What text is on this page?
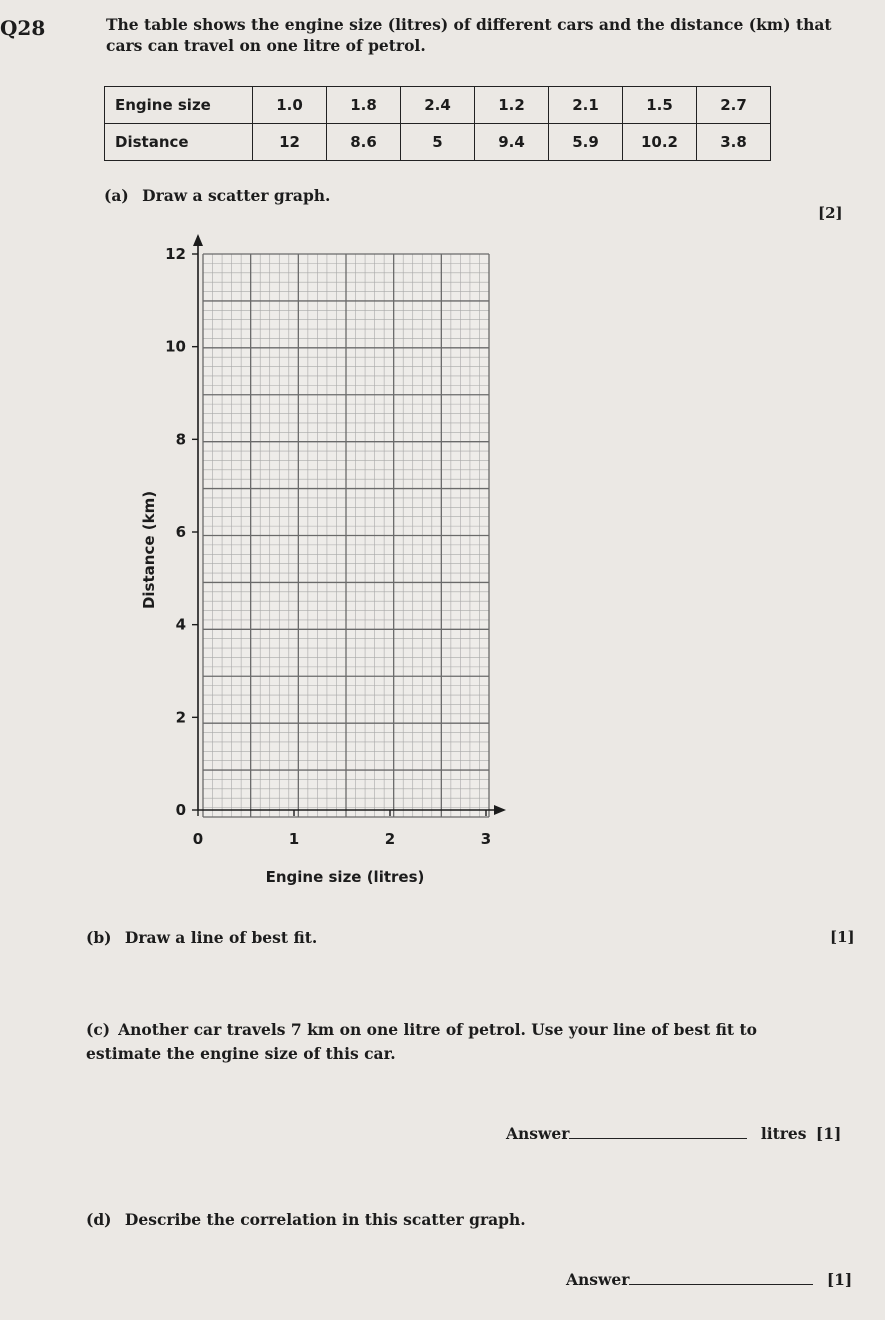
Q28	The table shows the engine size (litres) of different cars and the distance (km) that cars can travel on one litre of petrol.
Engine size	1.0	1.8	2.4	1.2	2.1	1.5	2.7
Distance	12	8.6	5	9.4	5.9	10.2	3.8
(a) Draw a scatter graph.
[2]
0
2
4
6
8
10
12
0	1	2	3
Engine size (litres)
Distance (km)
(b) Draw a line of best fit.	[1]
(c) Another car travels 7 km on one litre of petrol. Use your line of best fit to estimate the engine size of this car.
Answer	litres [1]
(d) Describe the correlation in this scatter graph.
Answer	[1]
